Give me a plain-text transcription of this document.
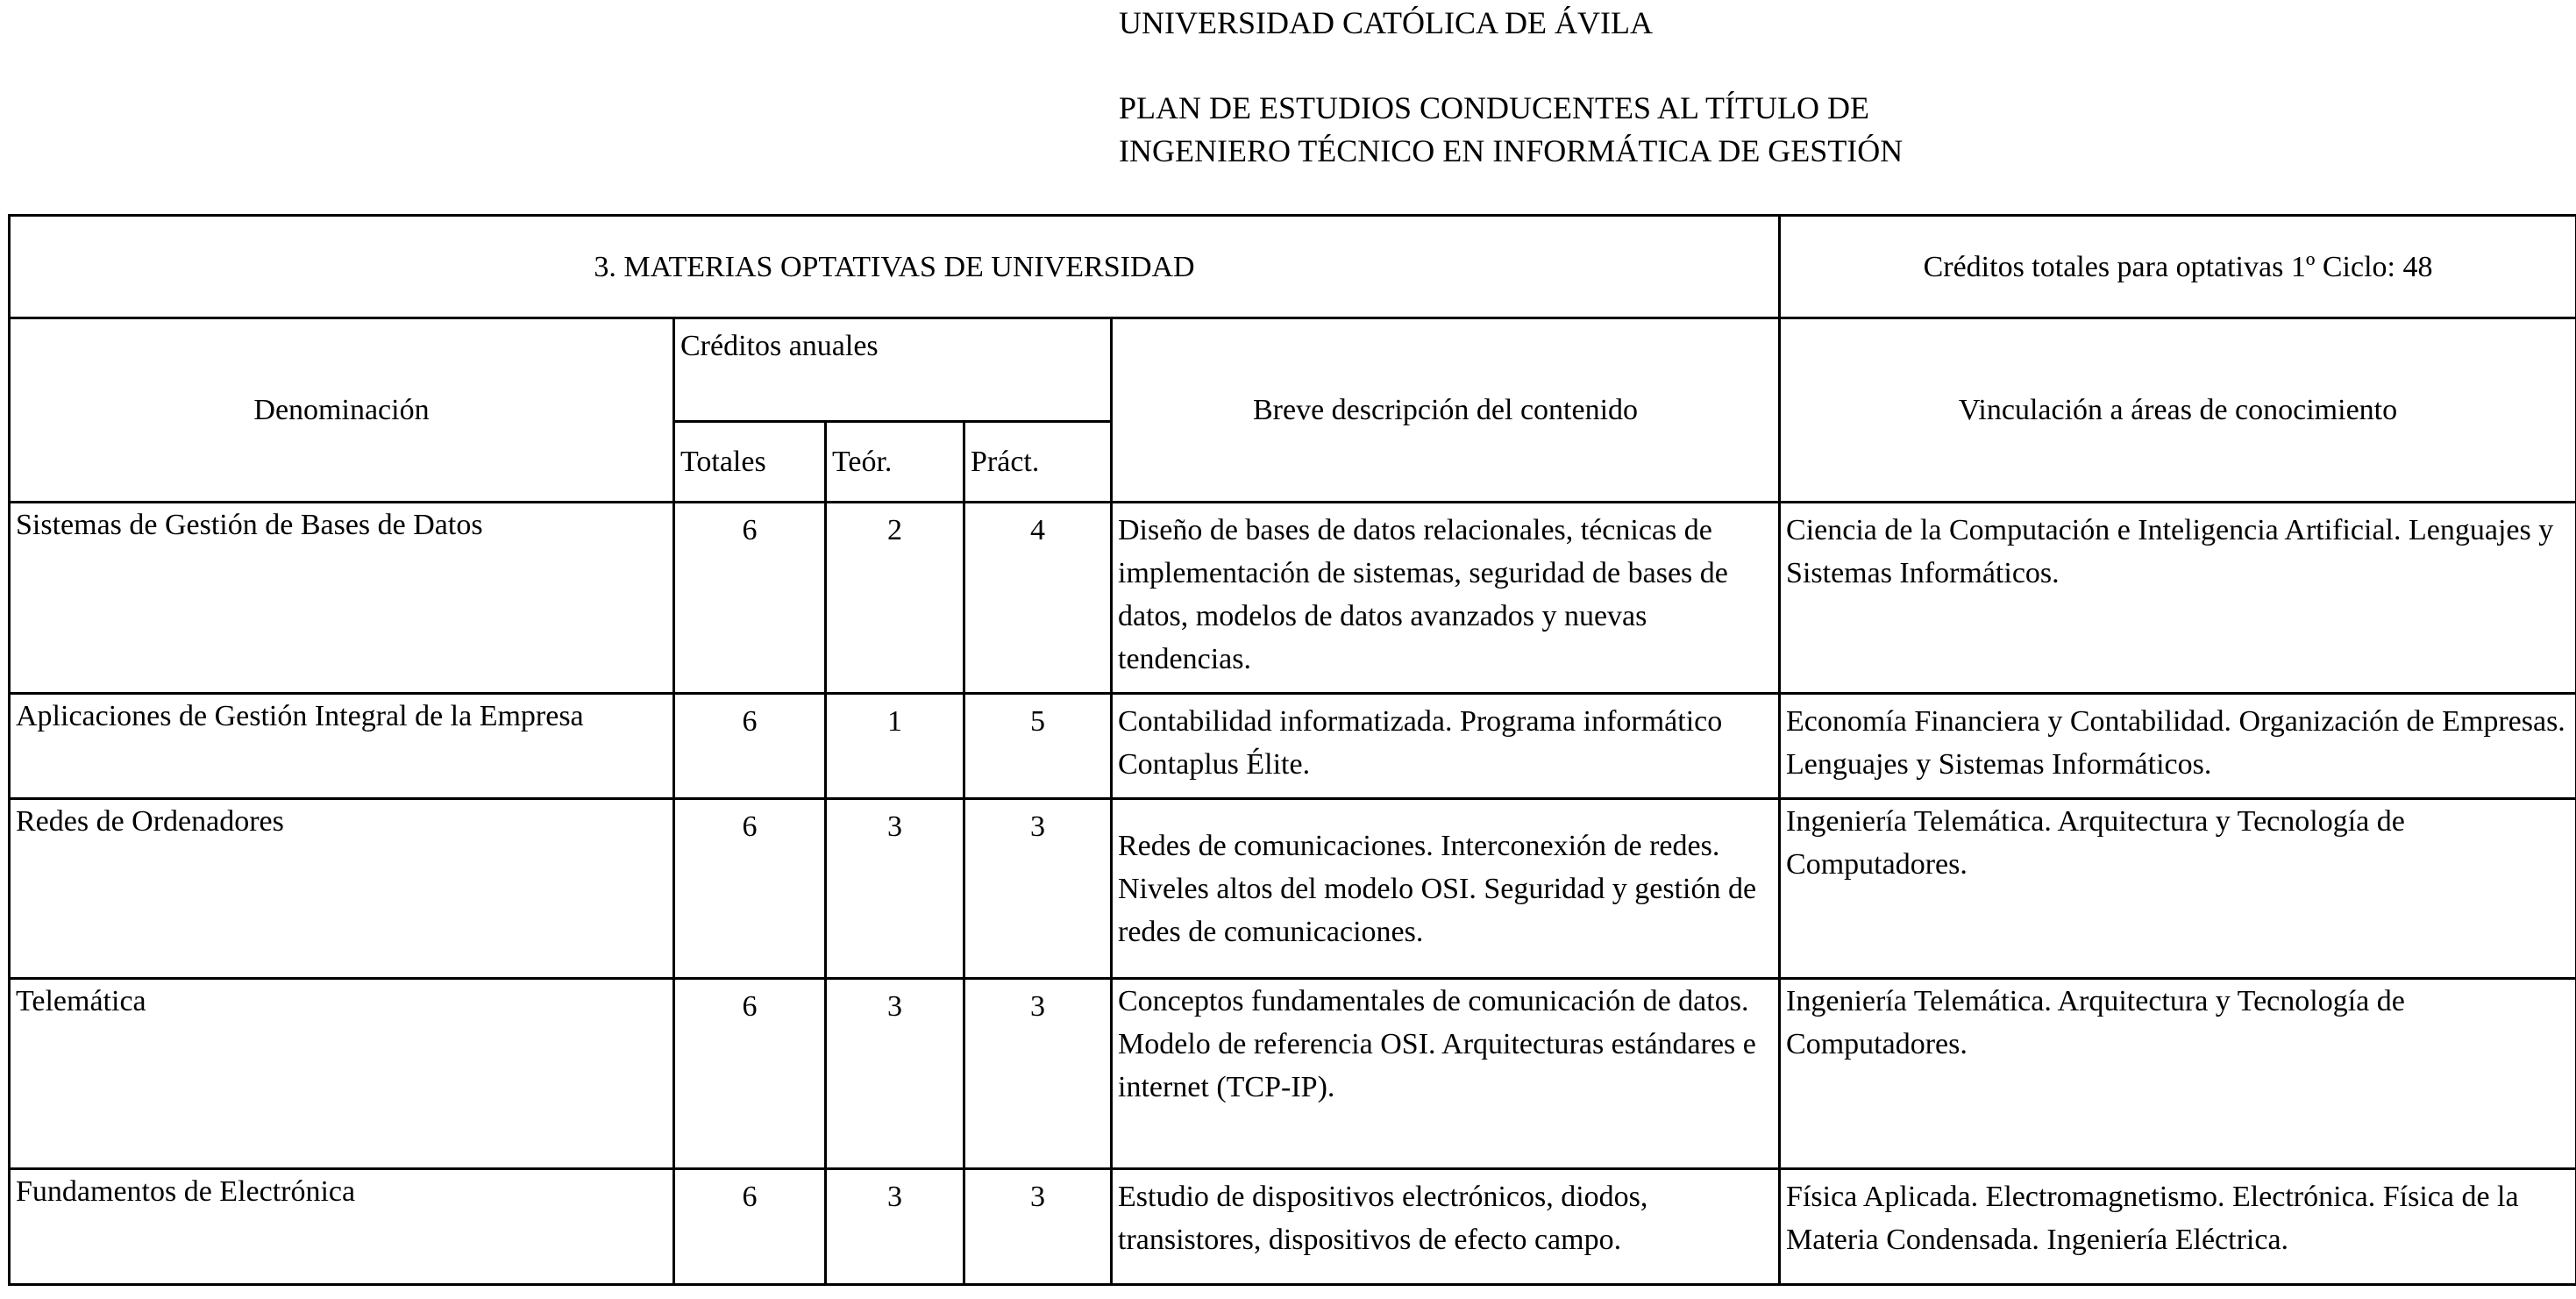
UNIVERSIDAD CATÓLICA DE ÁVILA
PLAN DE ESTUDIOS CONDUCENTES AL TÍTULO DE
INGENIERO TÉCNICO EN INFORMÁTICA DE GESTIÓN
3. MATERIAS OPTATIVAS DE UNIVERSIDAD					Créditos totales para optativas 1º Ciclo: 48
Denominación	Créditos anuales			Breve descripción del contenido	Vinculación a áreas de conocimiento
	Totales	Teór.	Práct.		
Sistemas de Gestión de Bases de Datos	6	2	4	Diseño de bases de datos relacionales, técnicas de implementación de sistemas, seguridad de bases de datos, modelos de datos avanzados y nuevas tendencias.	Ciencia de la Computación e Inteligencia Artificial. Lenguajes y Sistemas Informáticos.
Aplicaciones de Gestión Integral de la Empresa	6	1	5	Contabilidad informatizada. Programa informático Contaplus Élite.	Economía Financiera y Contabilidad. Organización de Empresas. Lenguajes y Sistemas Informáticos.
Redes de Ordenadores	6	3	3	Redes de comunicaciones. Interconexión de redes. Niveles altos del modelo OSI. Seguridad y gestión de redes de comunicaciones.	Ingeniería Telemática. Arquitectura y Tecnología de Computadores.
Telemática	6	3	3	Conceptos fundamentales de comunicación de datos. Modelo de referencia OSI. Arquitecturas estándares e internet (TCP-IP).	Ingeniería Telemática. Arquitectura y Tecnología de Computadores.
Fundamentos de Electrónica	6	3	3	Estudio de dispositivos electrónicos, diodos, transistores, dispositivos de efecto campo.	Física Aplicada. Electromagnetismo. Electrónica. Física de la Materia Condensada. Ingeniería Eléctrica.
